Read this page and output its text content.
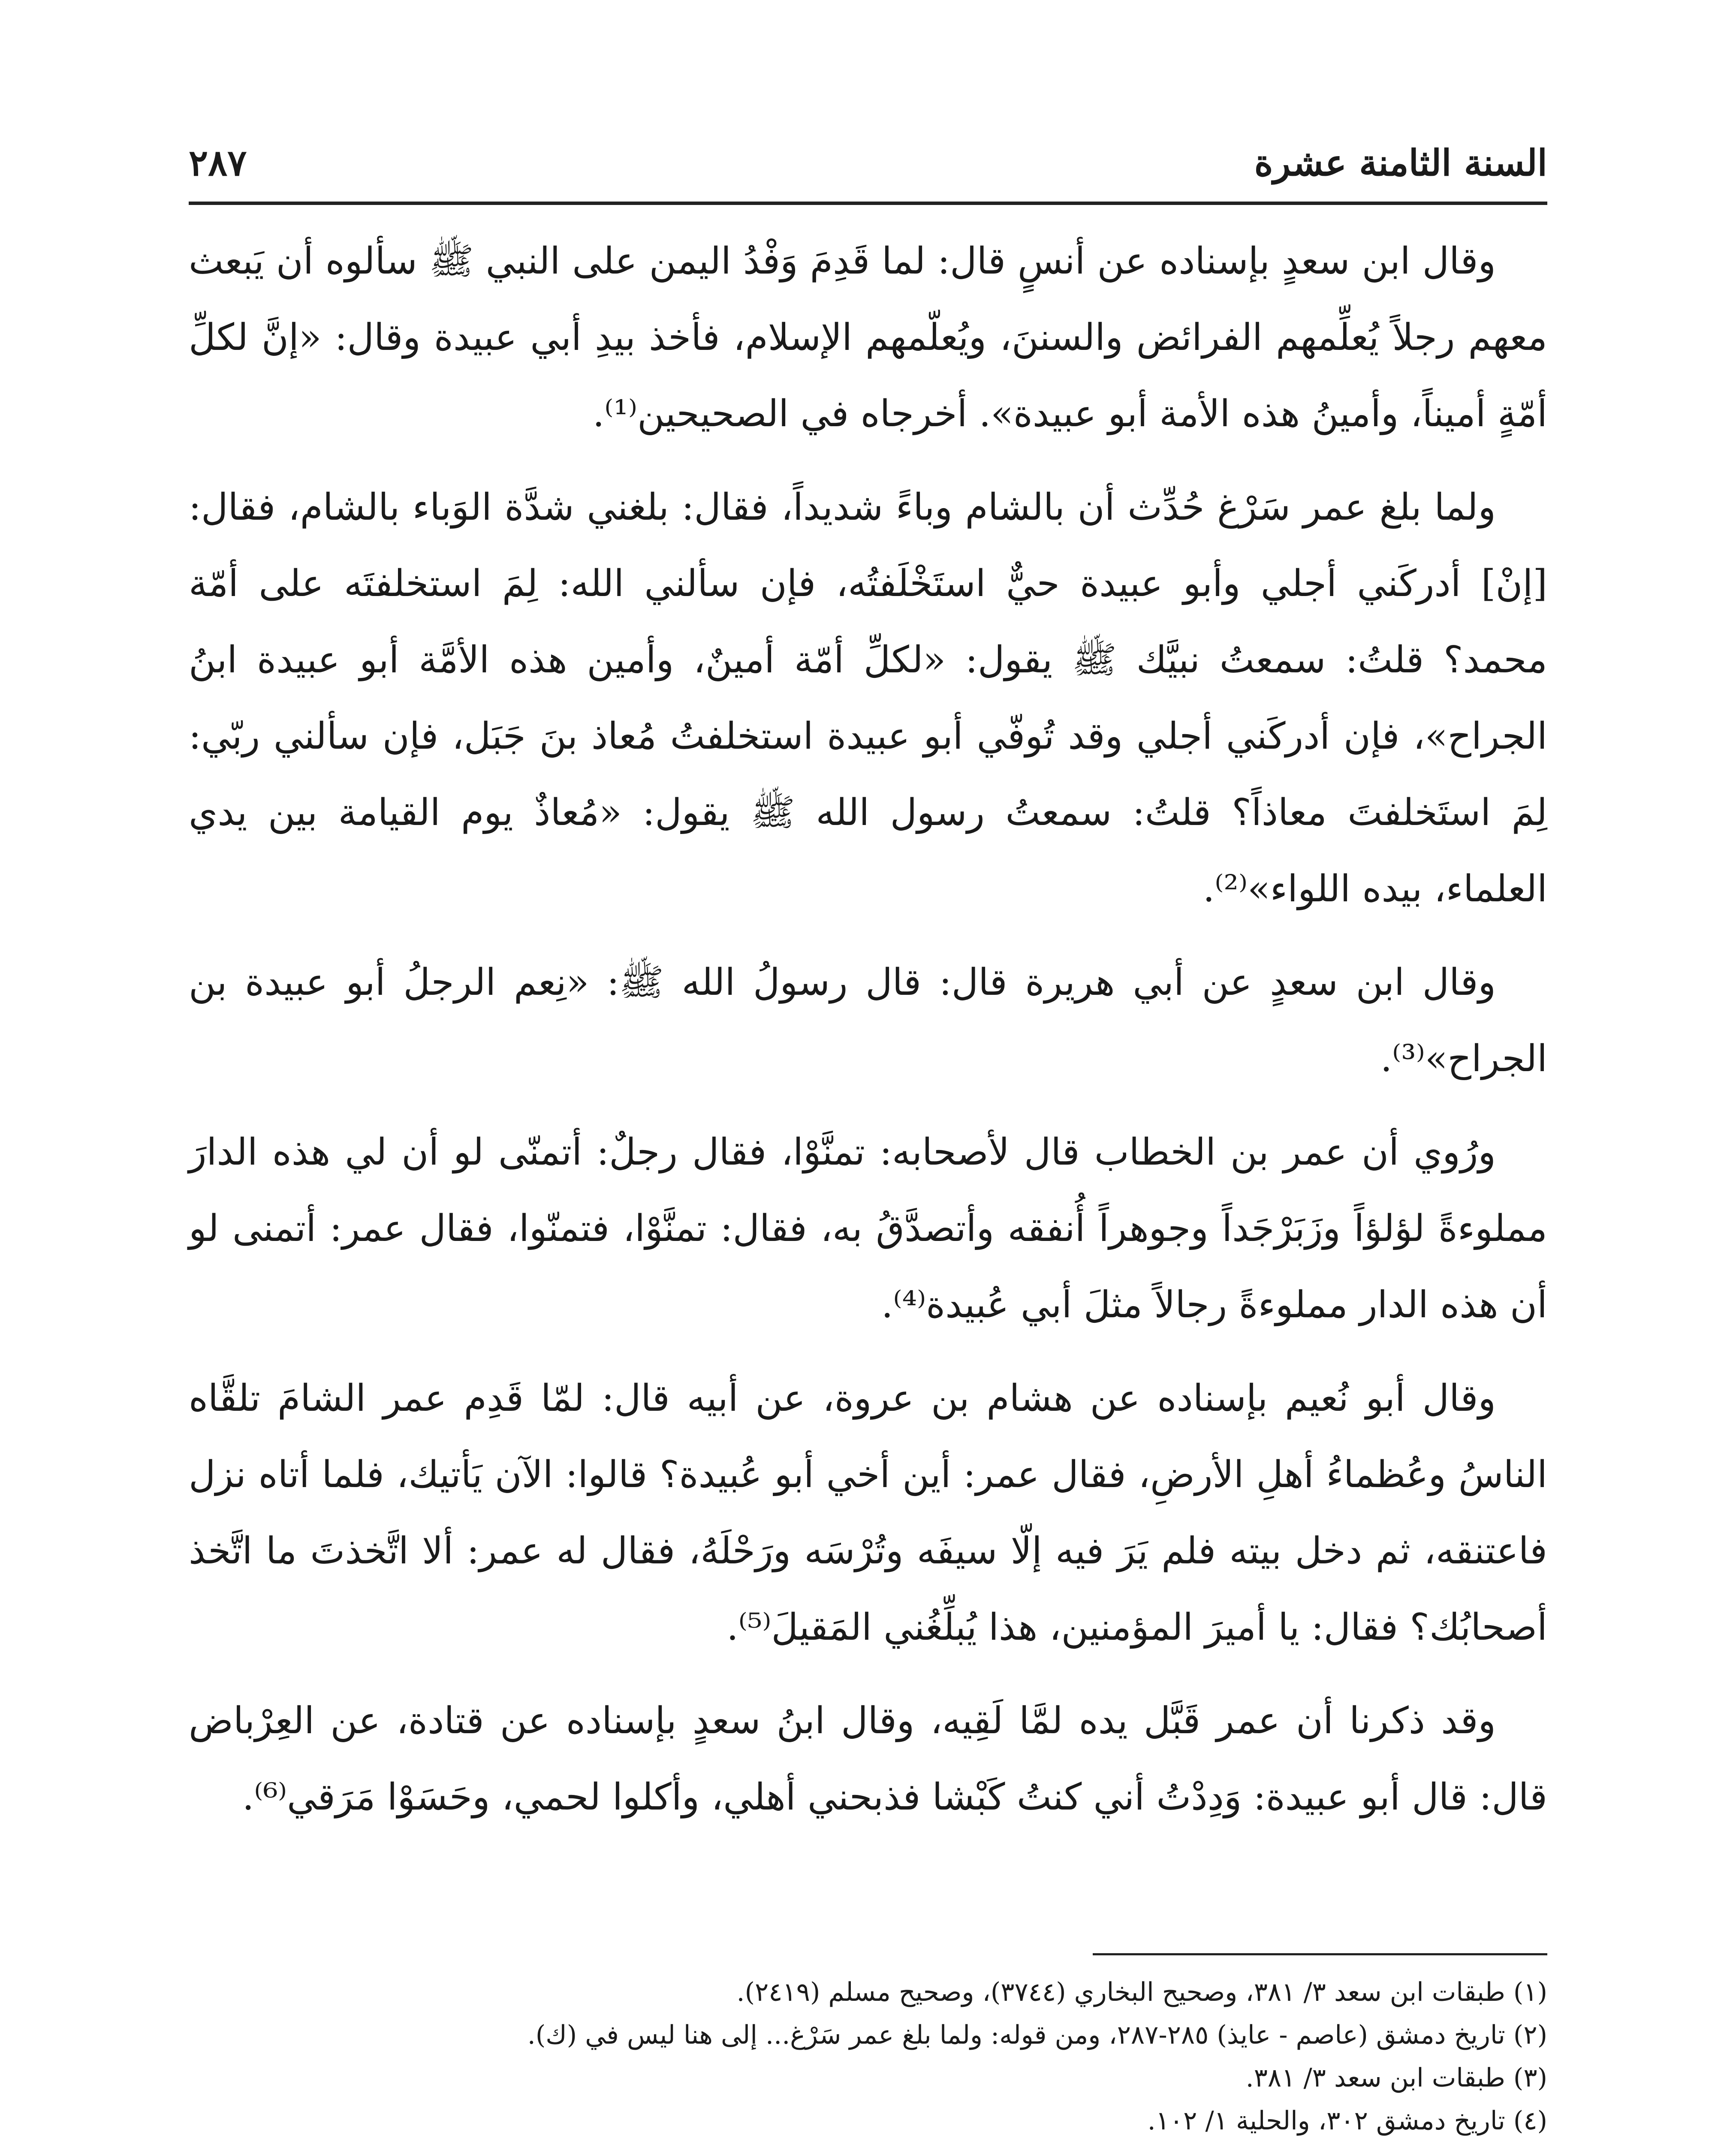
السنة الثامنة عشرة
٢٨٧

وقال ابن سعدٍ بإسناده عن أنسٍ قال: لما قَدِمَ وَفْدُ اليمن على النبي ﷺ سألوه أن يَبعث معهم رجلاً يُعلِّمهم الفرائض والسننَ، ويُعلّمهم الإسلام، فأخذ بيدِ أبي عبيدة وقال: «إنَّ لكلِّ أمّةٍ أميناً، وأمينُ هذه الأمة أبو عبيدة». أخرجاه في الصحيحين⁽¹⁾.

ولما بلغ عمر سَرْغ حُدِّث أن بالشام وباءً شديداً، فقال: بلغني شدَّة الوَباء بالشام، فقال: [إنْ] أدركَني أجلي وأبو عبيدة حيٌّ استَخْلَفتُه، فإن سألني الله: لِمَ استخلفتَه على أمّة محمد؟ قلتُ: سمعتُ نبيَّك ﷺ يقول: «لكلِّ أمّة أمينٌ، وأمين هذه الأمَّة أبو عبيدة ابنُ الجراح»، فإن أدركَني أجلي وقد تُوفّي أبو عبيدة استخلفتُ مُعاذ بنَ جَبَل، فإن سألني ربّي: لِمَ استَخلفتَ معاذاً؟ قلتُ: سمعتُ رسول الله ﷺ يقول: «مُعاذٌ يوم القيامة بين يدي العلماء، بيده اللواء»⁽²⁾.

وقال ابن سعدٍ عن أبي هريرة قال: قال رسولُ الله ﷺ: «نِعم الرجلُ أبو عبيدة بن الجراح»⁽³⁾.

ورُوي أن عمر بن الخطاب قال لأصحابه: تمنَّوْا، فقال رجلٌ: أتمنّى لو أن لي هذه الدارَ مملوءةً لؤلؤاً وزَبَرْجَداً وجوهراً أُنفقه وأتصدَّقُ به، فقال: تمنَّوْا، فتمنّوا، فقال عمر: أتمنى لو أن هذه الدار مملوءةً رجالاً مثلَ أبي عُبيدة⁽⁴⁾.

وقال أبو نُعيم بإسناده عن هشام بن عروة، عن أبيه قال: لمّا قَدِم عمر الشامَ تلقَّاه الناسُ وعُظماءُ أهلِ الأرضِ، فقال عمر: أين أخي أبو عُبيدة؟ قالوا: الآن يَأتيك، فلما أتاه نزل فاعتنقه، ثم دخل بيته فلم يَرَ فيه إلّا سيفَه وتُرْسَه ورَحْلَهُ، فقال له عمر: ألا اتَّخذتَ ما اتَّخذ أصحابُك؟ فقال: يا أميرَ المؤمنين، هذا يُبلِّغُني المَقيلَ⁽⁵⁾.

وقد ذكرنا أن عمر قَبَّل يده لمَّا لَقِيه، وقال ابنُ سعدٍ بإسناده عن قتادة، عن العِرْباض قال: قال أبو عبيدة: وَدِدْتُ أني كنتُ كَبْشا فذبحني أهلي، وأكلوا لحمي، وحَسَوْا مَرَقي⁽⁶⁾.

(١) طبقات ابن سعد ٣/ ٣٨١، وصحيح البخاري (٣٧٤٤)، وصحيح مسلم (٢٤١٩).

(٢) تاريخ دمشق (عاصم - عايذ) ٢٨٥-٢٨٧، ومن قوله: ولما بلغ عمر سَرْغ... إلى هنا ليس في (ك).

(٣) طبقات ابن سعد ٣/ ٣٨١.

(٤) تاريخ دمشق ٣٠٢، والحلية ١/ ١٠٢.
